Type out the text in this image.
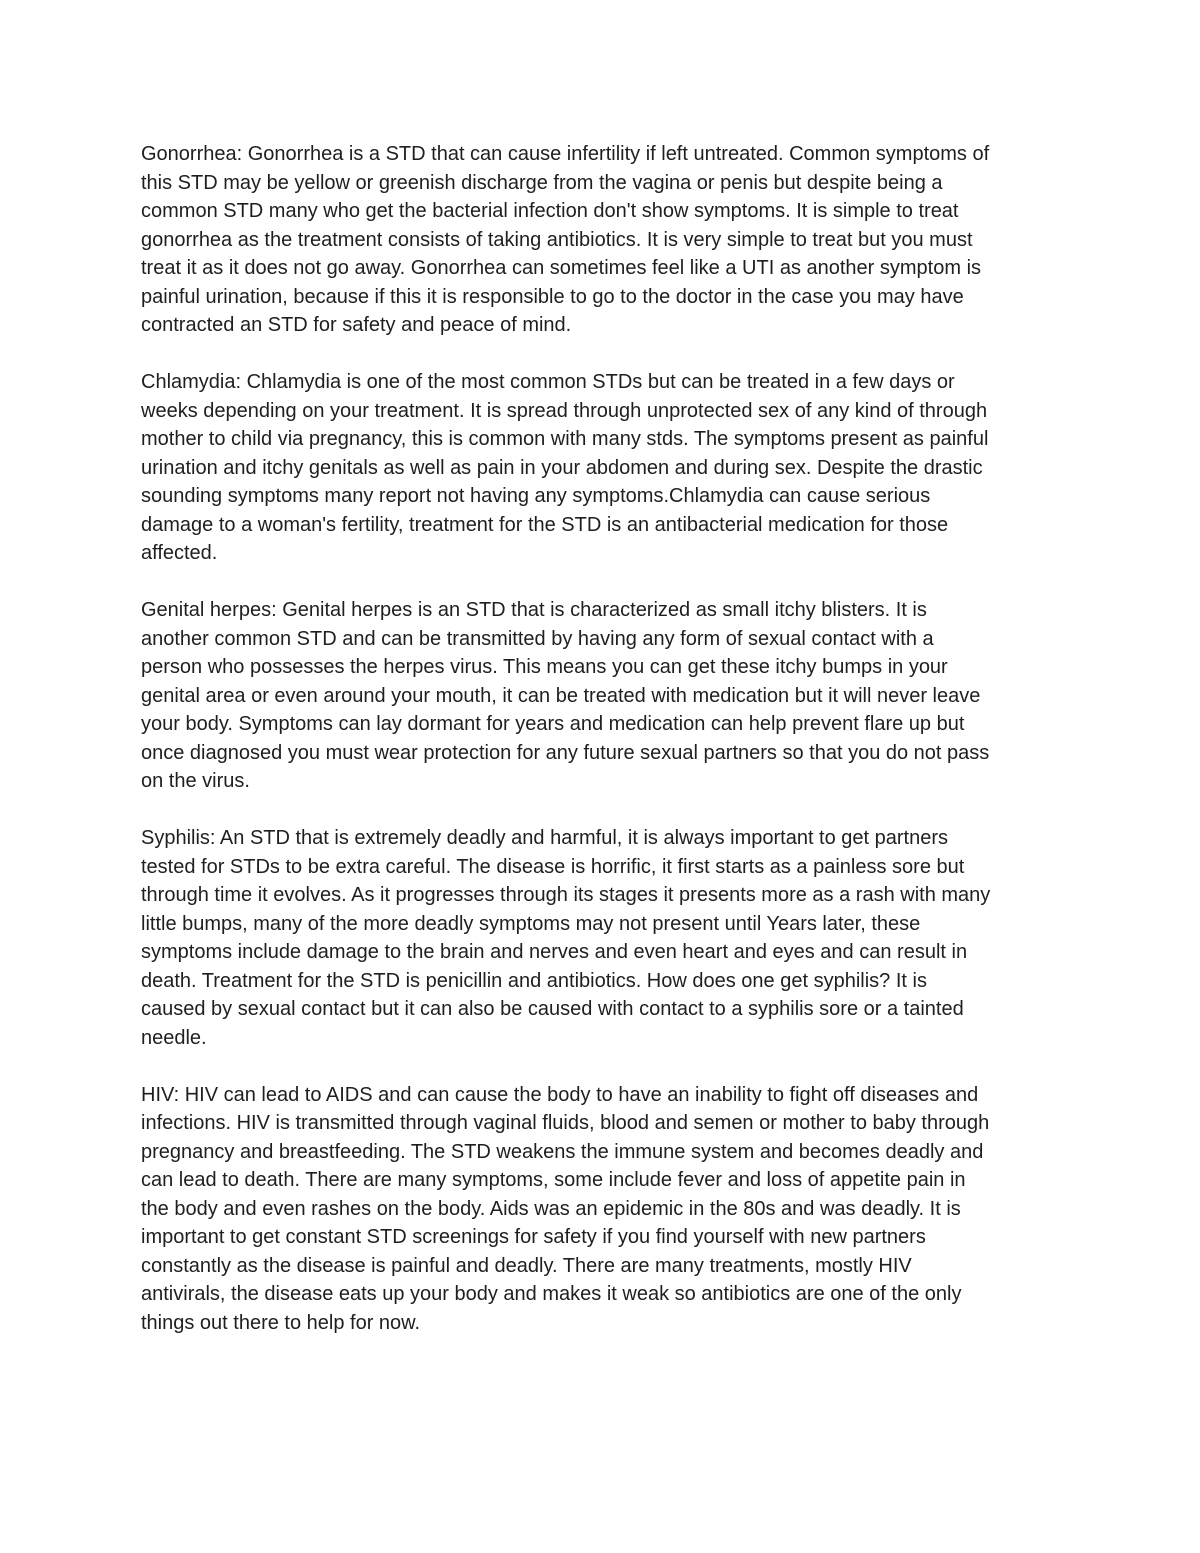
Gonorrhea: Gonorrhea is a STD that can cause infertility if left untreated. Common symptoms of
this STD may be yellow or greenish discharge from the vagina or penis but despite being a
common STD many who get the bacterial infection don't show symptoms. It is simple to treat
gonorrhea as the treatment consists of taking antibiotics. It is very simple to treat but you must
treat it as it does not go away. Gonorrhea can sometimes feel like a UTI as another symptom is
painful urination, because if this it is responsible to go to the doctor in the case you may have
contracted an STD for safety and peace of mind.

Chlamydia: Chlamydia is one of the most common STDs but can be treated in a few days or
weeks depending on your treatment. It is spread through unprotected sex of any kind of through
mother to child via pregnancy, this is common with many stds. The symptoms present as painful
urination and itchy genitals as well as pain in your abdomen and during sex. Despite the drastic
sounding symptoms many report not having any symptoms.Chlamydia can cause serious
damage to a woman's fertility, treatment for the STD is an antibacterial medication for those
affected.

Genital herpes: Genital herpes is an STD that is characterized as small itchy blisters. It is
another common STD and can be transmitted by having any form of sexual contact with a
person who possesses the herpes virus. This means you can get these itchy bumps in your
genital area or even around your mouth, it can be treated with medication but it will never leave
your body. Symptoms can lay dormant for years and medication can help prevent flare up but
once diagnosed you must wear protection for any future sexual partners so that you do not pass
on the virus.

Syphilis: An STD that is extremely deadly and harmful, it is always important to get partners
tested for STDs to be extra careful. The disease is horrific, it first starts as a painless sore but
through time it evolves. As it progresses through its stages it presents more as a rash with many
little bumps, many of the more deadly symptoms may not present until Years later, these
symptoms include damage to the brain and nerves and even heart and eyes and can result in
death. Treatment for the STD is penicillin and antibiotics. How does one get syphilis? It is
caused by sexual contact but it can also be caused with contact to a syphilis sore or a tainted
needle.

HIV: HIV can lead to AIDS and can cause the body to have an inability to fight off diseases and
infections. HIV is transmitted through vaginal fluids, blood and semen or mother to baby through
pregnancy and breastfeeding. The STD weakens the immune system and becomes deadly and
can lead to death. There are many symptoms, some include fever and loss of appetite pain in
the body and even rashes on the body. Aids was an epidemic in the 80s and was deadly. It is
important to get constant STD screenings for safety if you find yourself with new partners
constantly as the disease is painful and deadly. There are many treatments, mostly HIV
antivirals, the disease eats up your body and makes it weak so antibiotics are one of the only
things out there to help for now.
